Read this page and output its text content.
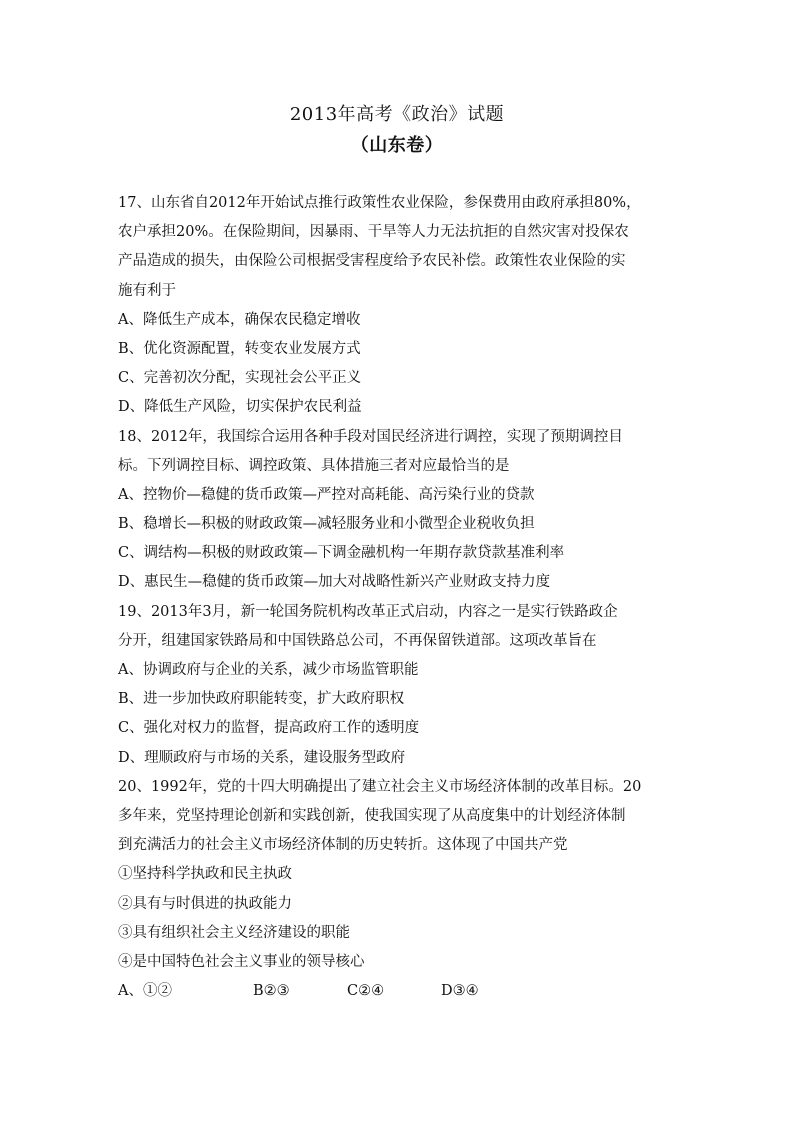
2013年高考《政治》试题
（山东卷）
17、山东省自2012年开始试点推行政策性农业保险，参保费用由政府承担80%，
农户承担20%。在保险期间，因暴雨、干旱等人力无法抗拒的自然灾害对投保农
产品造成的损失，由保险公司根据受害程度给予农民补偿。政策性农业保险的实
施有利于
A、降低生产成本，确保农民稳定增收
B、优化资源配置，转变农业发展方式
C、完善初次分配，实现社会公平正义
D、降低生产风险，切实保护农民利益
18、2012年，我国综合运用各种手段对国民经济进行调控，实现了预期调控目
标。下列调控目标、调控政策、具体措施三者对应最恰当的是
A、控物价—稳健的货币政策—严控对高耗能、高污染行业的贷款
B、稳增长—积极的财政政策—减轻服务业和小微型企业税收负担
C、调结构—积极的财政政策—下调金融机构一年期存款贷款基准利率
D、惠民生—稳健的货币政策—加大对战略性新兴产业财政支持力度
19、2013年3月，新一轮国务院机构改革正式启动，内容之一是实行铁路政企
分开，组建国家铁路局和中国铁路总公司，不再保留铁道部。这项改革旨在
A、协调政府与企业的关系，减少市场监管职能
B、进一步加快政府职能转变，扩大政府职权
C、强化对权力的监督，提高政府工作的透明度
D、理顺政府与市场的关系，建设服务型政府
20、1992年，党的十四大明确提出了建立社会主义市场经济体制的改革目标。20
多年来，党坚持理论创新和实践创新，使我国实现了从高度集中的计划经济体制
到充满活力的社会主义市场经济体制的历史转折。这体现了中国共产党
①坚持科学执政和民主执政
②具有与时俱进的执政能力
③具有组织社会主义经济建设的职能
④是中国特色社会主义事业的领导核心
A、①②	B②③	C②④	D③④
